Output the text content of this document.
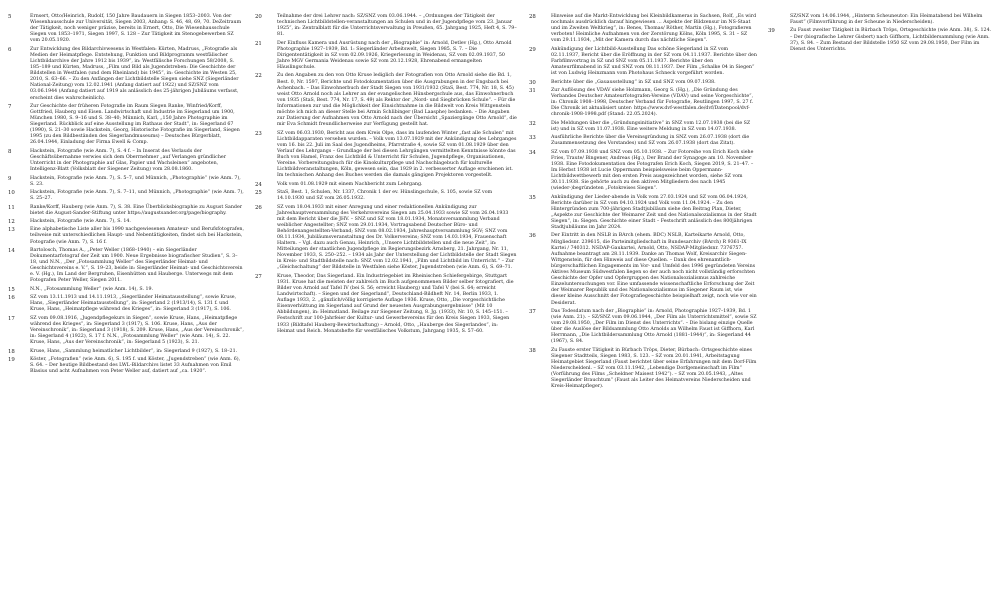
5	Ernsert, Otto/Heinrich, Rudolf, 150 Jahre Baudauern in Siegen 1853–2003. Von der Wiesenhausschule zur Universität, Siegen 2003, Anhang: S. 46, 48, 69, 70. DeZeitraum der Tätigkeit, noch weniger präzise, bereits in Ernert, Otto, Die Wiesenhausschule Siegen von 1853–1971, Siegen 1997, S. 128 – Zur Tätigkeit im Stenogebewerben SZ vom 20.05.1920.
6	Zur Entwicklung des Bildarchivwesens in Westfalen: Kürten, Madruss, „Fotografie als Medien der Heimatpflege. Entstehung, Funktion und Bildprogramm westfälischer Lichtbildarchive der Jahre 1912 bis 1939“, in: Westfälische Forschungen 58/2008, S. 185–189 und Kürten, Madruss, „Film und Bild als Jugendstreben: Die Geschichte der Bildstellen in Westfalen (und dem Rheinland) bis 1945“, in: Geschichte im Westen 25, 2010, S. 63–66. – Zu den Anfängen der Lichtbildstelle Siegen siehe SNZ (Siegerländer National-Zeitung) vom 12.02.1941 (Anfang datiert auf 1922) und SZ/SNZ vom 03.06.1944 (Anfang datiert auf 1919 als anlässlich des 25-jährigen Jubiläums verfasst, erscheint dies wahrscheinlich).
7	Zur Geschichte der früheren Fotografie im Raum Siegen Ranke, Winfried/Korff, Gottfried, Hauberg und Eisen. Landwirtschaft und Industrie im Siegerland um 1900, München 1980, S. 9–16 und S. 38–40; Münnich, Karl, „150 Jahre Photographie im Siegerland. Rückblick auf eine Ausstellung im Rathaus der Stadt“, in: Siegerland 67 (1990), S. 21–30 sowie Hackstein, Georg, Historische Fotografie im Siegerland, Siegen 1995 (zu den Bildbeständen des Siegerlandmuseums) – Deutsches Bürgerblatt, 26.04.1944, Einladung der Firma Ewell & Comp.
8	Hackstein, Fotografie (wie Anm. 7), S. 4 f. – In Inserat des Verlauds der Geschäftsübernahme verwies sich dem Oberrnehmer „auf Verlangen gründlicher Unterricht in der Photographie auf Glas, Papier und Wachsleinen“ angeboten, Intelligenz-Blatt (Volksblatt der Siegener Zeitung) vom 28.08.1860.
9	Hackstein, Fotografie (wie Anm. 7), S. 5–7, und Münnich, „Photographie“ (wie Anm. 7), S. 23.
10	Hackstein, Fotografie (wie Anm. 7), S. 7–11, und Münnich, „Photographie“ (wie Anm. 7), S. 25–27.
11	Ranke/Korff, Hauberg (wie Anm. 7), S. 38. Eine Überblicksbiographie zu August Sander bietet die August-Sander-Stiftung unter https://augustsander.org/page/biography.
12	Hackstein, Fotografie (wie Anm. 7), S. 14.
13	Eine alphabetische Liste aller bis 1990 nachgewiesenen Amateur- und Berufsfotografen, teilweise mit unterschiedlichen Haupt- und Nebentätigkeiten, findet sich bei Hackstein, Fotografie (wie Anm. 7), S. 16 f.
14	Bartolosch, Thomas A., „Peter Weller (1868–1940) – ein Siegerländer Dokumentarfotograf der Zeit um 1900. Neue Ergebnisse biografischer Studien“, S. 3–18, und N.N., „Der „Fotosammlung Weller“ des Siegerländer Heimat- und Geschichtsvereins e. V.“, S. 19–23, beide in: Siegerländer Heimat- und Geschichtsverein e. V. (Hg.), Im Land der Bergruhen, Eisenhütten und Hauberge. Unterwegs mit dem Fotografen Peter Weller, Siegen 2011.
15	N.N., „Fotosammlung Weller“ (wie Anm. 14), S. 19.
16	SZ vom 13.11.1913 und 14.11.1913, „Siegerländer Heimatausstellung“, sowie Kruse, Hans, „Siegerländer Heimatausstellung“, in: Siegerland 2 (1913/14), S. 131 f. und Kruse, Hans, „Heimatpflege während des Krieges“, in: Siegerland 3 (1917), S. 106.
17	SZ vom 09.08.1916, „Jugendpflegekurs in Siegen“, sowie Kruse, Hans, „Heimatpflege während des Krieges“, in: Siegerland 3 (1917), S. 106. Kruse, Hans, „Aus der Vereinschronik“, in: Siegerland 3 (1918), S. 209. Kruse, Hans, „Aus der Vereinschronik“, in: Siegerland 4 (1922), S. 17 f. N.N., „Fotosammlung Weller“ (wie Anm. 14), S. 22. Kruse, Hans, „Aus der Vereinschronik“, in: Siegerland 5 (1923), S. 21.
18	Kruse, Hans, „Sammlung heimatlicher Lichtbilder“, in: Siegerland 9 (1927), S. 18–21.
19	Köster, „Fotografien“ (wie Anm. 6), S. 195 f. und Köster, „Jugendstreben“ (wie Anm. 6), S. 64. – Der heutige Bildbestand des LWL-Bildarchivs listet 33 Aufnahmen von Emil Blasius und acht Aufnahmen von Peter Weller auf, datiert auf „ca. 1920“.
20	Teilnahme der drei Lehrer nach: SZ/SNZ vom 03.06.1944. – „Ordnungen der Tätigkeit der technischen Lichtbildstellen-veranstaltungen an Schulen und in der Jugendpflege vom 23. Januar 1925“, in: Zentralblatt für die Unterrichtsverwaltung in Preußen, 65. Jahrgang 1925, Heft 4, S. 79–81.
21	Der Einfluss Kamera und Ausrüstung nach der „Biographie“ in: Arnold, Detlev (Hg.), Otto Arnold Photographie 1927–1939, Bd. 1: Siegerländer Arbeitswelt, Siegen 1985, S. 7. – Die Dirigententätigkeit in SZ vom 02.09.1926, Kriegerlesung in Weidenau, SZ vom 02.09.1937, 50 Jahre MGV Germania Weidenau sowie SZ vom 20.12.1928, Ehrenabend ermangelten Häuslingschule.
22	Zu den Angaben zu den von Otto Kruse lediglich der Fotografien von Otto Arnold siehe die Bd. 1, Best. 0, Nr. 1597, Berichte und Fotodokumentation über die Ausgrabungen in der Engsbach bei Achenbach. – Das Einwohnerbuch der Stadt Siegen von 1931/1932 (StaS, Best. 774, Nr. 18, S. 45) weist Otto Arnold noch als Lehrer an der evangelischen Hünsbergschule aus, das Einwohnerbuch von 1935 (StaS, Best. 774, Nr. 17, S. 49) als Rektor der „Nord- und Siegbrücken Schule“. – Für die Informationen zur und die Möglichkeit der Einsichtnahme in die Bildwelt von Kreis Wittgenstein möchte ich mich an dieser Stelle bei Armin Schlibinger (Bad Laasphe) bedanken. – Die Angaben zur Datierung der Aufnahmen von Otto Arnold nach der Übersicht „Spaziergänge Otto Arnold“, die mir Eva Schmidt freundlicherweise zur Verfügung gestellt hat.
23	SZ vom 06.03.1930, Bericht aus dem Kreis Olpe, dass im laufenden Winter „fast alle Schulen“ mit Lichtbildapparaten versehen wurden. – Volk vom 13.07.1929 mit der Ankündigung des Lehrganges vom 16. bis 22. Juli im Saal des Jugendheims, Pfarrstraße 4, sowie SZ vom 01.08.1929 über den Verlauf des Lehrgangs – Grundlage der bei diesen Lehrgängen vermittelten Kenntnisse könnte das Buch von Hamel, Franz des Lichtbild & Unterricht für Schulen, Jugendpflege, Organisationen, Vereine. Vorbereitungsbuch für die Kinokulturpflege und Nachschlagebuch für kulturelle Lichtbildveranstaltungen, Köln, gewesen sein, das 1929 in 2. verbesserter Auflage erschienen ist. Im technischen Anhang des Buches werden die damals gängigen Projektoren vorgestellt.
24	Volk vom 01.08.1929 mit einem Nachbericht zum Lehrgang.
25	StaS, Best. 1, Schulen, Nr. 1337, Chronik 1 der ev. Hünslingschule, S. 105, sowie SZ vom 14.10.1930 und SZ vom 26.05.1932.
26	SZ vom 18.04.1933 mit einer Anregung und einer redaktionellen Ankündigung zur Jahreshauptversammlung des Verkehrsvereins Siegen am 25.04.1933 sowie SZ vom 26.04.1933 mit dem Bericht über die JHV. – SNZ und SZ vom 18.01.1934, Monatsversammlung Verband weiblicher Angestellter; SNZ vom 29.01.1934, Vortragsabend Deutscher Büro- und Behördenangestellten-Verband; SNZ vom 08.02.1934, Jahreshauptversammlung SGV; SNZ vom 08.11.1934, Jubiläumsveranstaltung des Dr. Volkervereins; SNZ vom 14.03.1934, Frauenschaft Haltern. – Vgl. dazu auch Genau, Heinrich, „Unsere Lichtbildstellen und die neue Zeit“, in: Mitteilungen der staatlichen Jugendpflege im Regierungsbezirk Arnsberg, 21. Jahrgang, Nr. 11, November 1933, S. 250–252. – 1934 als Jahr der Unterstellung der Lichtbildstelle der Stadt Siegen in Kreis- und Stadtbildstelle nach: SNZ vom 12.02.1941, „Film und Lichtbild im Unterricht.“ – Zur „Gleichschaltung“ der Bildstelle in Westfalen siehe Köster, Jugendstreben (wie Anm. 6), S. 69–71.
27	Kruse, Theodor, Das Siegerland. Ein Industriegebiet im Rheinischen Schiefergebirge, Stuttgart 1931. Kruse hat die meisten der zahlreich im Buch aufgenommenen Bilder selber fotografiert, die Bilder von Arnold auf Tafel IV (bei S. 56; erreicht Hauberg) und Tafel V (bei S. 64; erreicht Landwirtschaft). – Siegen und der Siegerland“, Deutschland-Bildheft Nr. 14, Berlin 1933, 1. Auflage 1933, 2. „gänzlich/völlig korrigierte Auflage 1936. Kruse, Otto, „Die vorgeschichtliche Eisenverhüttung im Siegerland auf Grund der neuesten Ausgrabungsergebnisse“ (Mit 10 Abbildungen), in: Heimatland. Beilage zur Siegener Zeitung, 8. Jg. (1933), Nr. 10, S. 145–151. – Festschrift zur 100-Jahrfeier der Kultur- und Gewerbevereins für den Kreis Siegen 1933, Siegen 1933 (Bildtafel Hauberg-Bewirtschaftung) – Arnold, Otto, „Hauberge des Siegerlandes“, in: Heimat und Reich. Monatshefte für westfälisches Volkstum, Jahrgang 1935, S. 57–60.
28	Hinweise auf die Markt-Entwicklung bei Kleinbildkameras in Sachsen, Rolf, „Es wird nochmals ausdrücklich darauf hingewiesen … Aspekte der Bildzensur im NS-Staat und im Zweiten Weltkrieg“, in: Benes, Thomas/ Röther, Martin (Hg.), Fotografieren verboten! Heimliche Aufnahmen von der Zerstörung Kölns, Köln 1995, S. 31 – SZ vom 29.11.1934, „Mit der Kamera durch das nächtliche Siegen“.
29	Ankündigung der Lichtbild-Ausstellung Das schöne Siegerland in SZ vom 02.11.1937, Bericht über die Eröffnung in der SZ vom 04.11.1937. Berichte über den Farbfilmvortrag in SZ und SNZ vom 05.11.1937. Berichte über den Amateurfilmabend in SZ und SNZ vom 08.11.1937. Der Film „Schalke 04 in Siegen“ ist von Ludwig Heinzmann vom Photohaus Schneck vorgeführt worden.
30	Berichte über die „Gauausstellung“ in SZ und SNZ vom 09.07.1938.
31	Zur Auflösung des VDAV siehe Holzmann, Georg S. (Hg.), „Die Gründung des Verbandes Deutscher Amateurfotografen-Vereine (VDAV) und seine Vorgeschichte“, in: Chronik 1908–1998, Deutscher Verband für Fotografie, Reutlingen 1997, S. 27 f. Die Chronik ist aktualisiert unter: https://www.dvf-westfalen.de/dvf/Datenpool/dvf-chronik-1908-1998.pdf (Stand: 22.05.2024).
32	Die Meldungen über die „Gründungsinitiative“ in SNZ vom 12.07.1938 (bei die SZ ist) und in SZ vom 11.07.1938. Eine weitere Meldung in SZ vom 14.07.1938.
33	Ausführliche Berichte über die Vereinsgründung in SNZ vom 26.07.1938 (dort die Zusammensetzung des Vorstandes) und SZ vom 26.07.1938 (dort das Zitat).
34	SZ vom 07.09.1938 und SNZ vom 05.10.1938. – Zur Fotoreihe von Erich Koch siehe Fries, Traute/ Bingener, Andreas (Hg.), Der Brand der Synagoge am 10. November 1938. Eine Fotodokumentation des Fotografen Erich Koch, Siegen 2019, S. 21–47. – Im Herbst 1938 ist Lucie Oppermann beispielsweise beim Oppermann-Lichtbildwettbewerb mit den ersten Preis ausgezeichnet worden, siehe SZ vom 30.11.1938. Sie gehörte auch zu den aktiven Mitgliedern des nach 1945 (wieder-)begründeten „Fotokreises Siegen“.
35	Ankündigung der Lieder-abende in Volk vom 27.03.1924 und SZ vom 06.04.1924, Berichte darüber in SZ vom 04.10.1924 und Volk vom 11.04.1924. – Zu den Hintergründen zum 700-jährigen Stadtjubiläum siehe den Beitrag Plan, Dieter, „Aspekte zur Geschichte der Weimarer Zeit und des Nationalsozialismus in der Stadt Siegen“, in: Siegen. Geschichte einer Stadt – Festschrift anlässlich des 800jährigen Stadtjubiläums im Jahr 2024.
36	Der Eintritt in den NSLB in BArch (ehem. BDC) NSLB, Karteikarte Arnold, Otto, Mitgliedsnr. 239615, die Parteimitgliedschaft in Bundesarchiv (BArch) R 9361-IX Kartei / 740312. NSDAP-Gaukartei, Arnold, Otto, NSDAP-Mitgliedsnr. 7376757. Aufnahme beantragt am 28.11.1939. Danke an Thomas Wolf, Kreisarchiv Siegen-Wittgenstein, für den Hinweis auf diese Quellen. – Dank des ehrenamtlich-bürgerschaftlichen Engagements im Vor- und Umfeld des 1996 gegründeten Vereins Aktives Museum Südwestfalen liegen so der auch noch nicht vollständig erforschten Geschichte der Opfer und Opfergruppen des Nationalsozialismus zahlreiche Einzeluntersuchungen vor. Eine umfassende wissenschaftliche Erforschung der Zeit der Weimarer Republik und des Nationalsozialismus im Siegener Raum ist, wie dieser kleine Ausschnitt der Fotografiegeschichte beispielhaft zeigt, noch wie vor ein Desiderat.
37	Das Todesdatum nach der „Biographie“ in: Arnold, Photographie 1927–1939, Bd. 1 (wie Anm. 21). – SZ/SNZ vom 09.06.1944, „Der Film als Unterrichtsmittel“, sowie SZ vom 29.08.1950, „Der Film im Dienst des Unterrichts“. – Die bislang einzige Quelle über die Auslöse der Bildsammlung Otto Arnolds an Wilhelm Faust ist Giffhorn, Karl Herrmann, „Die Lichtbildersammlung Otto Arnold (1881–1944)“, in: Siegerland 44 (1967), S. 84.
38	Zu Fauste erster Tätigkeit in Bürbach Tröps, Dieter, Bürbach: Ortsgeschichte eines Siegener Stadtteils, Siegen 1983, S. 123. – SZ vom 20.01.1941, Arbeitstagung Heimatgebiet Siegerland (Faust berichtet über seine Erfahrungen mit dem Dorf-Film Niederscheldenl. – SZ vom 03.11.1942, „Lebendige Dorfgemeinschaft im Film“ (Vorführung des Films „Scheldner Maisest 1942“). – SZ vom 20.05.1943, „Altes Siegerländer Brauchtum“ (Faust als Leiter des Heimatvereins Niederscheiden und Kreis-Heimatpfleger).
SZ/SNZ vom 14.06.1944, „Hinterm Scheuneutor: Ein Heimatabend bei Wilhelm Faust“ (Filmvorführung in der Scheune in Niederscheiden).
39	Zu Faust zweiter Tätigkeit in Bürbach Tröps, Ortsgeschichte (wie Anm. 38), S. 124. – Der (biografische Lehrer Gisbert) nach Giffhorn, Lichtbildersammlung (wie Anm. 37), S. 84. – Zum Bestand der Bildstelle 1950 SZ vom 29.08.1950, Der Film im Dienst des Unterrichts.
